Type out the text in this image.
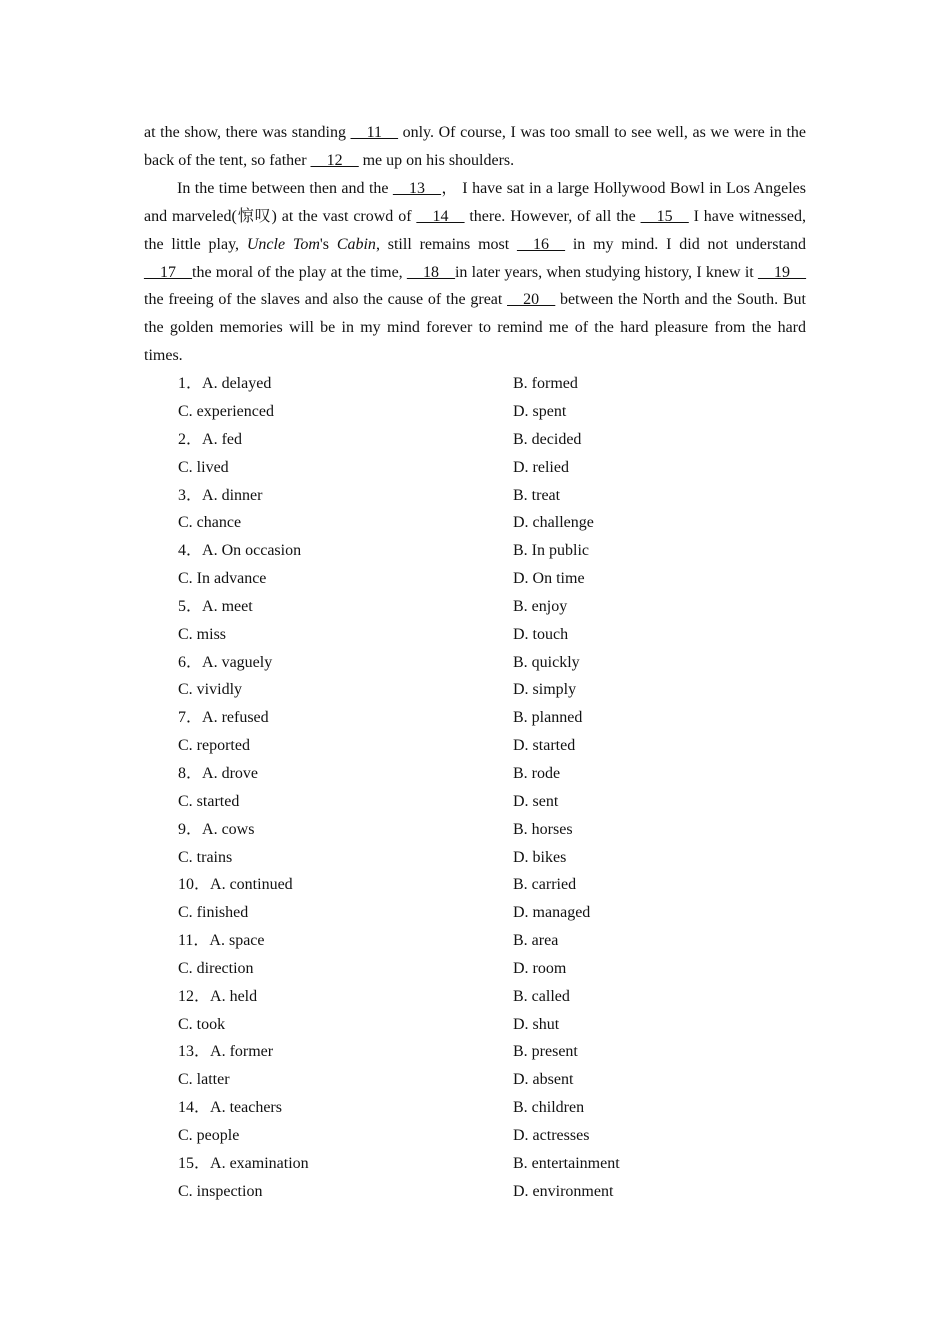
at the show, there was standing __11__ only. Of course, I was too small to see well, as we were in the back of the tent, so father __12__ me up on his shoulders.

In the time between then and the __13__， I have sat in a large Hollywood Bowl in Los Angeles and marveled(惊叹) at the vast crowd of __14__ there. However, of all the __15__ I have witnessed, the little play, Uncle Tom's Cabin, still remains most __16__ in my mind. I did not understand __17__the moral of the play at the time, __18__in later years, when studying history, I knew it __19__ the freeing of the slaves and also the cause of the great __20__ between the North and the South. But the golden memories will be in my mind forever to remind me of the hard pleasure from the hard times.

1．A. delayed	B. formed
C. experienced	D. spent
2．A. fed	B. decided
C. lived	D. relied
3．A. dinner	B. treat
C. chance	D. challenge
4．A. On occasion	B. In public
C. In advance	D. On time
5．A. meet	B. enjoy
C. miss	D. touch
6．A. vaguely	B. quickly
C. vividly	D. simply
7．A. refused	B. planned
C. reported	D. started
8．A. drove	B. rode
C. started	D. sent
9．A. cows	B. horses
C. trains	D. bikes
10．A. continued	B. carried
C. finished	D. managed
11．A. space	B. area
C. direction	D. room
12．A. held	B. called
C. took	D. shut
13．A. former	B. present
C. latter	D. absent
14．A. teachers	B. children
C. people	D. actresses
15．A. examination	B. entertainment
C. inspection	D. environment
